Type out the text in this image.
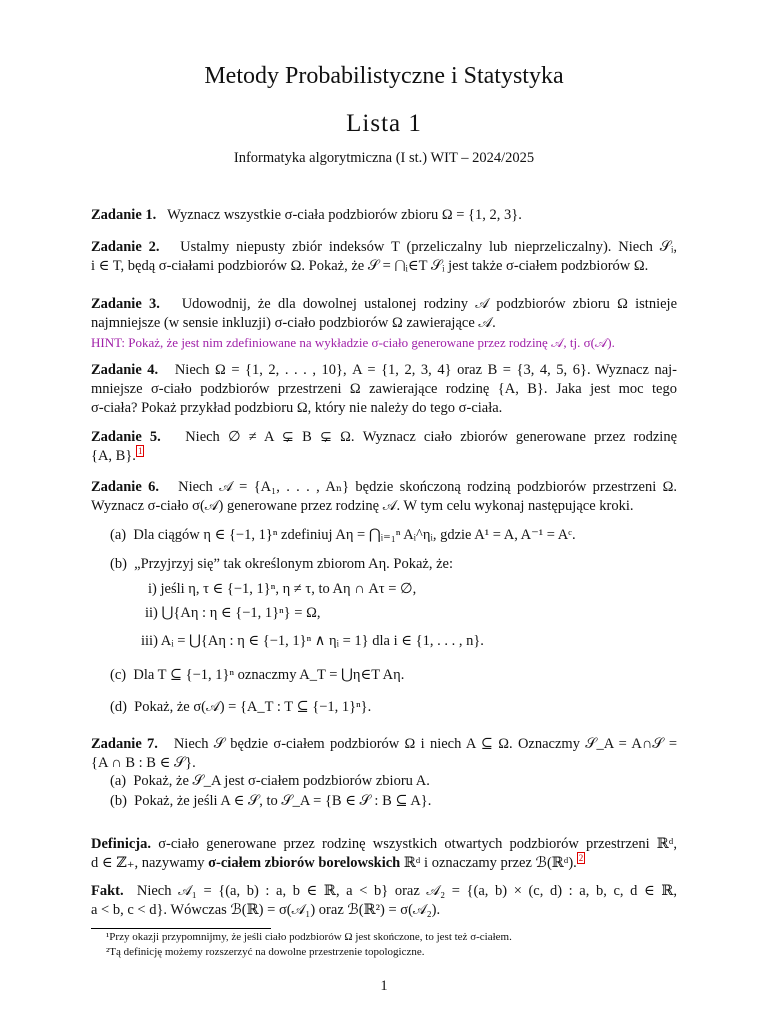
Metody Probabilistyczne i Statystyka
Lista 1
Informatyka algorytmiczna (I st.) WIT – 2024/2025
Zadanie 1. Wyznacz wszystkie σ-ciała podzbiorów zbioru Ω = {1, 2, 3}.
Zadanie 2. Ustalmy niepusty zbiór indeksów T (przeliczalny lub nieprzeliczalny). Niech 𝒮ᵢ,
i ∈ T, będą σ-ciałami podzbiorów Ω. Pokaż, że 𝒮 = ⋂ᵢ∈T 𝒮ᵢ jest także σ-ciałem podzbiorów Ω.
Zadanie 3. Udowodnij, że dla dowolnej ustalonej rodziny 𝒜 podzbiorów zbioru Ω istnieje
najmniejsze (w sensie inkluzji) σ-ciało podzbiorów Ω zawierające 𝒜.
HINT: Pokaż, że jest nim zdefiniowane na wykładzie σ-ciało generowane przez rodzinę 𝒜, tj. σ(𝒜).
Zadanie 4. Niech Ω = {1, 2, . . . , 10}, A = {1, 2, 3, 4} oraz B = {3, 4, 5, 6}. Wyznacz naj-
mniejsze σ-ciało podzbiorów przestrzeni Ω zawierające rodzinę {A, B}. Jaka jest moc tego
σ-ciała? Pokaż przykład podzbioru Ω, który nie należy do tego σ-ciała.
Zadanie 5. Niech ∅ ≠ A ⊊ B ⊊ Ω. Wyznacz ciało zbiorów generowane przez rodzinę
{A, B}. $^1$
Zadanie 6. Niech 𝒜 = {A₁, . . . , Aₙ} będzie skończoną rodziną podzbiorów przestrzeni Ω.
Wyznacz σ-ciało σ(𝒜) generowane przez rodzinę 𝒜. W tym celu wykonaj następujące kroki.
(a) Dla ciągów η ∈ {−1, 1}ⁿ zdefiniuj Aη = ⋂ᵢ₌₁ⁿ Aᵢ^ηᵢ, gdzie A¹ = A, A⁻¹ = Aᶜ.
(b) „Przyjrzyj się” tak określonym zbiorom Aη. Pokaż, że:
i) jeśli η, τ ∈ {−1, 1}ⁿ, η ≠ τ, to Aη ∩ Aτ = ∅,
ii) ⋃{Aη : η ∈ {−1, 1}ⁿ} = Ω,
iii) Aᵢ = ⋃{Aη : η ∈ {−1, 1}ⁿ ∧ ηᵢ = 1} dla i ∈ {1, . . . , n}.
(c) Dla T ⊆ {−1, 1}ⁿ oznaczmy A_T = ⋃η∈T Aη.
(d) Pokaż, że σ(𝒜) = {A_T : T ⊆ {−1, 1}ⁿ}.
Zadanie 7. Niech 𝒮 będzie σ-ciałem podzbiorów Ω i niech A ⊆ Ω. Oznaczmy 𝒮_A = A∩𝒮 =
{A ∩ B : B ∈ 𝒮}.
(a) Pokaż, że 𝒮_A jest σ-ciałem podzbiorów zbioru A.
(b) Pokaż, że jeśli A ∈ 𝒮, to 𝒮_A = {B ∈ 𝒮 : B ⊆ A}.
Definicja. σ-ciało generowane przez rodzinę wszystkich otwartych podzbiorów przestrzeni ℝᵈ,
d ∈ ℤ₊, nazywamy σ-ciałem zbiorów borelowskich ℝᵈ i oznaczamy przez ℬ(ℝᵈ). $^2$
Fakt. Niech 𝒜₁ = {(a, b) : a, b ∈ ℝ, a < b} oraz 𝒜₂ = {(a, b) × (c, d) : a, b, c, d ∈ ℝ,
a < b, c < d}. Wówczas ℬ(ℝ) = σ(𝒜₁) oraz ℬ(ℝ²) = σ(𝒜₂).
¹Przy okazji przypomnijmy, że jeśli ciało podzbiorów Ω jest skończone, to jest też σ-ciałem.
²Tą definicję możemy rozszerzyć na dowolne przestrzenie topologiczne.
1
